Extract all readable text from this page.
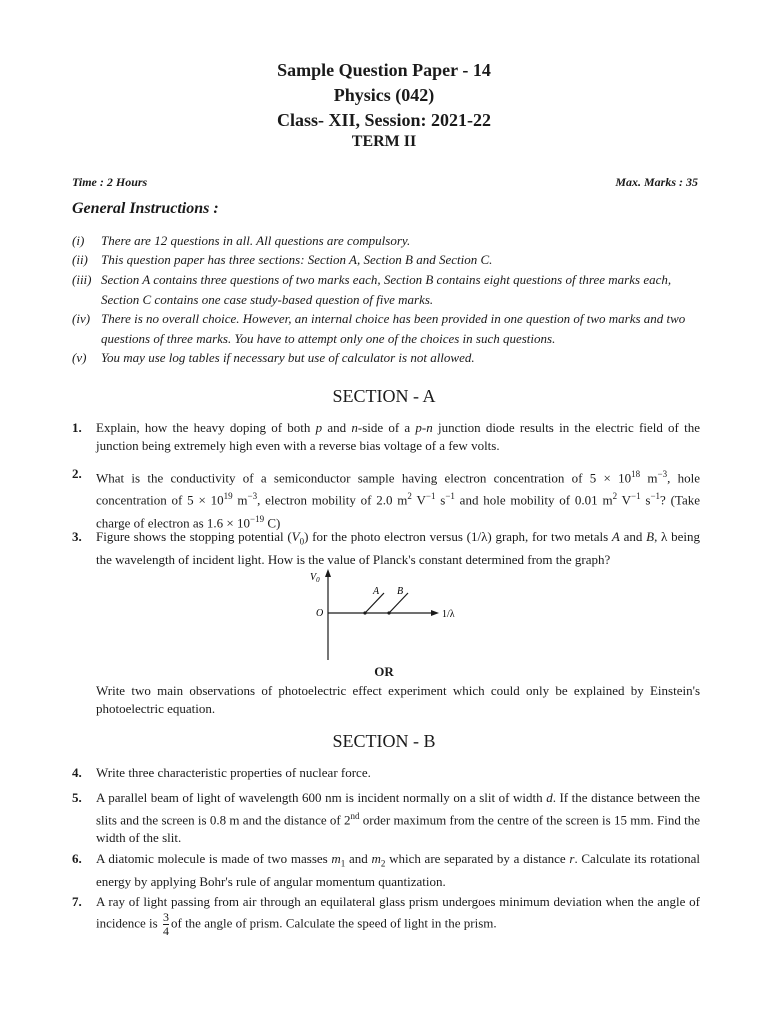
Sample Question Paper - 14
Physics (042)
Class- XII, Session: 2021-22
TERM II
Time : 2 Hours	Max. Marks : 35
General Instructions :
(i)	There are 12 questions in all. All questions are compulsory.
(ii)	This question paper has three sections: Section A, Section B and Section C.
(iii) Section A contains three questions of two marks each, Section B contains eight questions of three marks each, Section C contains one case study-based question of five marks.
(iv) There is no overall choice. However, an internal choice has been provided in one question of two marks and two questions of three marks. You have to attempt only one of the choices in such questions.
(v)	You may use log tables if necessary but use of calculator is not allowed.
SECTION - A
1. Explain, how the heavy doping of both p and n-side of a p-n junction diode results in the electric field of the junction being extremely high even with a reverse bias voltage of a few volts.
2. What is the conductivity of a semiconductor sample having electron concentration of $5 \times 10^{18}$ $m^{-3}$, hole concentration of $5 \times 10^{19}$ $m^{-3}$, electron mobility of 2.0 $m^2$ $V^{-1}$ $s^{-1}$ and hole mobility of 0.01 $m^2$ $V^{-1}$ $s^{-1}$? (Take charge of electron as $1.6 \times 10^{-19}$ C)
3. Figure shows the stopping potential $(V_0)$ for the photo electron versus (1/λ) graph, for two metals A and B, λ being the wavelength of incident light. How is the value of Planck's constant determined from the graph?
$V_0$
O	1/λ
A B
OR
Write two main observations of photoelectric effect experiment which could only be explained by Einstein's photoelectric equation.
SECTION - B
4. Write three characteristic properties of nuclear force.
5. A parallel beam of light of wavelength 600 nm is incident normally on a slit of width d. If the distance between the slits and the screen is 0.8 m and the distance of 2nd order maximum from the centre of the screen is 15 mm. Find the width of the slit.
6. A diatomic molecule is made of two masses $m_1$ and $m_2$ which are separated by a distance r. Calculate its rotational energy by applying Bohr's rule of angular momentum quantization.
7. A ray of light passing from air through an equilateral glass prism undergoes minimum deviation when the angle of incidence is $\frac{3}{4}$ of the angle of prism. Calculate the speed of light in the prism.
